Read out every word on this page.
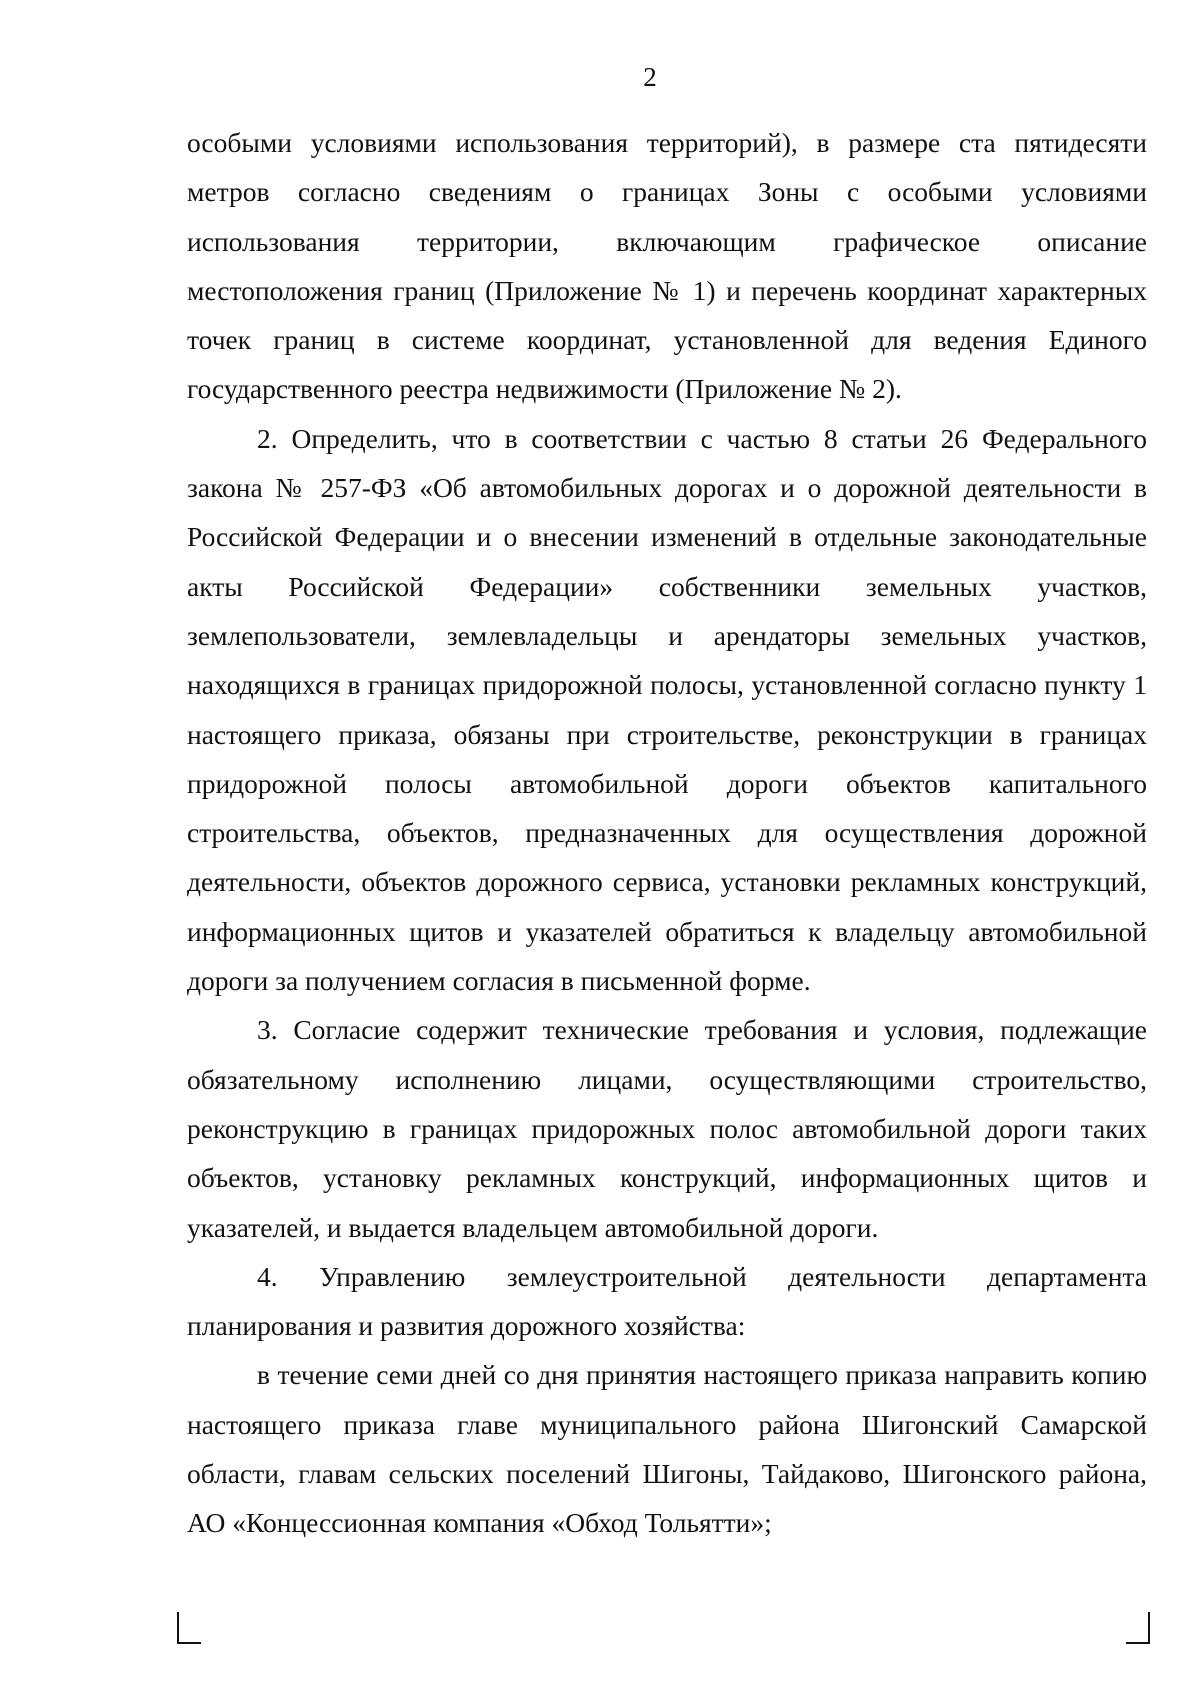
2

особыми условиями использования территорий), в размере ста пятидесяти метров согласно сведениям о границах Зоны с особыми условиями использования территории, включающим графическое описание местоположения границ (Приложение № 1) и перечень координат характерных точек границ в системе координат, установленной для ведения Единого государственного реестра недвижимости (Приложение № 2).

2. Определить, что в соответствии с частью 8 статьи 26 Федерального закона № 257-ФЗ «Об автомобильных дорогах и о дорожной деятельности в Российской Федерации и о внесении изменений в отдельные законодательные акты Российской Федерации» собственники земельных участков, землепользователи, землевладельцы и арендаторы земельных участков, находящихся в границах придорожной полосы, установленной согласно пункту 1 настоящего приказа, обязаны при строительстве, реконструкции в границах придорожной полосы автомобильной дороги объектов капитального строительства, объектов, предназначенных для осуществления дорожной деятельности, объектов дорожного сервиса, установки рекламных конструкций, информационных щитов и указателей обратиться к владельцу автомобильной дороги за получением согласия в письменной форме.

3. Согласие содержит технические требования и условия, подлежащие обязательному исполнению лицами, осуществляющими строительство, реконструкцию в границах придорожных полос автомобильной дороги таких объектов, установку рекламных конструкций, информационных щитов и указателей, и выдается владельцем автомобильной дороги.

4. Управлению землеустроительной деятельности департамента планирования и развития дорожного хозяйства:

в течение семи дней со дня принятия настоящего приказа направить копию настоящего приказа главе муниципального района Шигонский Самарской области, главам сельских поселений Шигоны, Тайдаково, Шигонского района, АО «Концессионная компания «Обход Тольятти»;
